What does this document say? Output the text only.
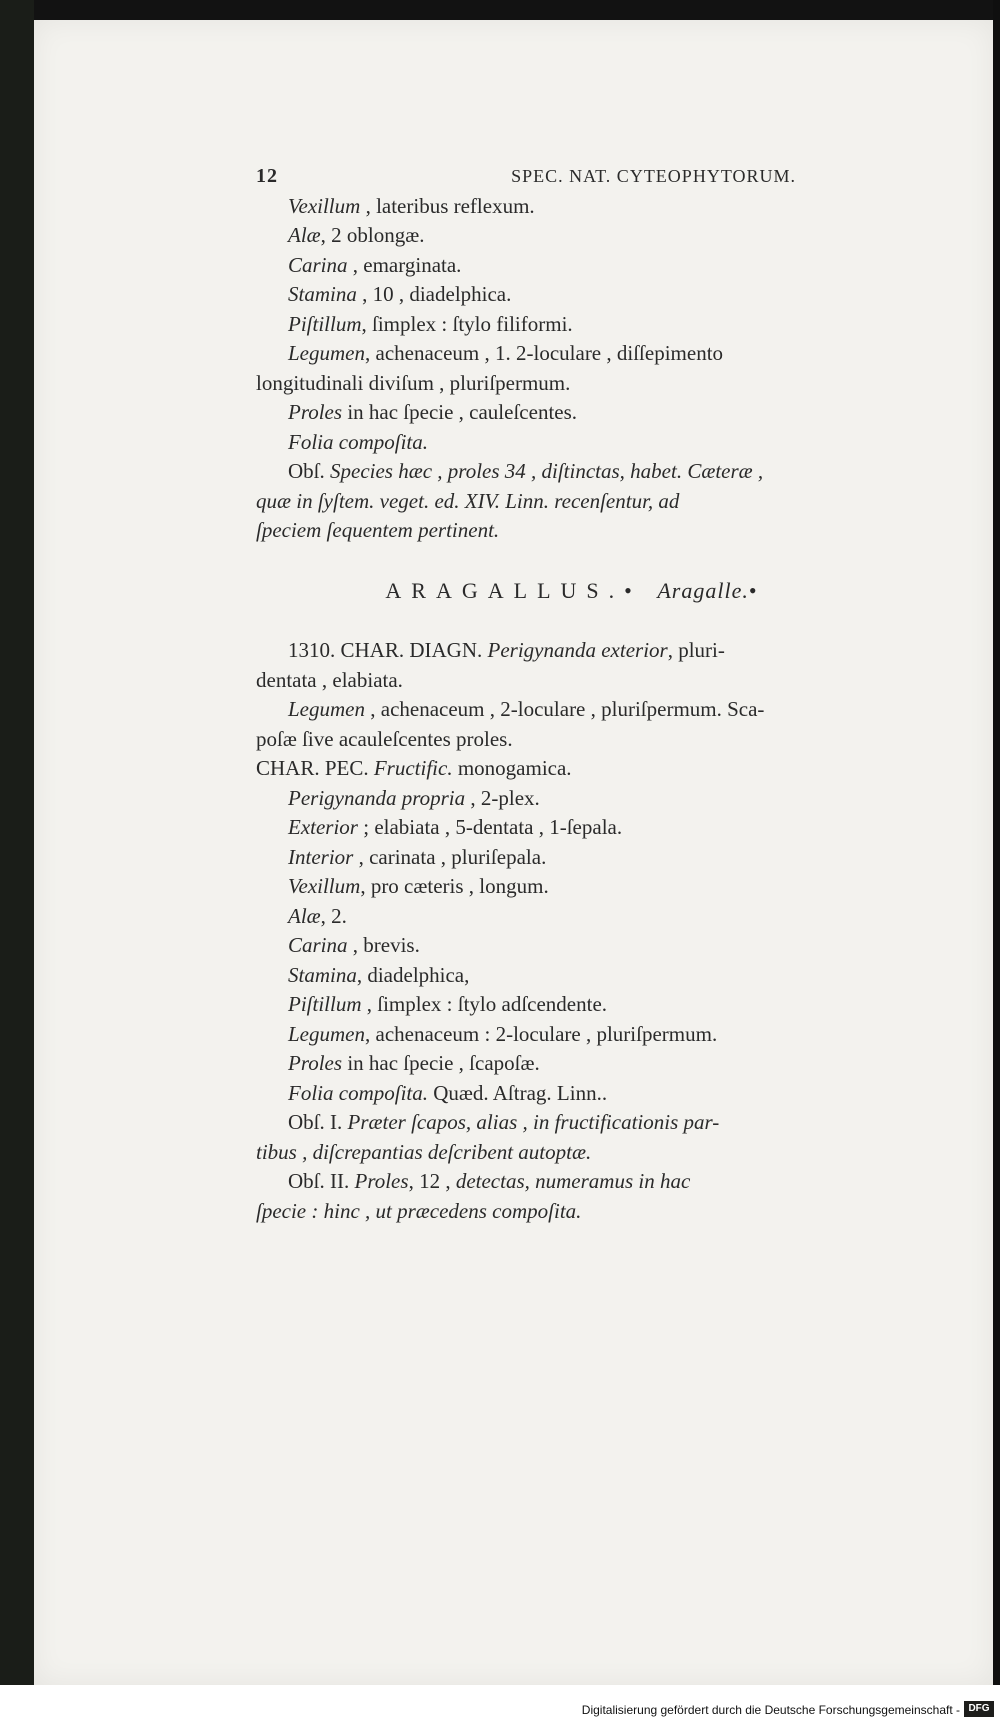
12	SPEC. NAT. CYTEOPHYTORUM.
Vexillum , lateribus reflexum.
Alæ, 2 oblongæ.
Carina , emarginata.
Stamina , 10 , diadelphica.
Piſtillum, ſimplex : ſtylo filiformi.
Legumen, achenaceum , 1. 2-loculare , diſſepimento
longitudinali diviſum , pluriſpermum.
Proles in hac ſpecie , cauleſcentes.
Folia compoſita.
Obſ. Species hæc , proles 34 , diſtinctas, habet. Cæteræ ,
quæ in ſyſtem. veget. ed. XIV. Linn. recenſentur, ad
ſpeciem ſequentem pertinent.
ARAGALLUS.• Aragalle.•
1310. CHAR. DIAGN. Perigynanda exterior, pluri-
dentata , elabiata.
Legumen , achenaceum , 2-loculare , pluriſpermum. Sca-
poſæ ſive acauleſcentes proles.
CHAR. PEC. Fructific. monogamica.
Perigynanda propria , 2-plex.
Exterior ; elabiata , 5-dentata , 1-ſepala.
Interior , carinata , pluriſepala.
Vexillum, pro cæteris , longum.
Alæ, 2.
Carina , brevis.
Stamina, diadelphica,
Piſtillum , ſimplex : ſtylo adſcendente.
Legumen, achenaceum : 2-loculare , pluriſpermum.
Proles in hac ſpecie , ſcapoſæ.
Folia compoſita. Quæd. Aſtrag. Linn..
Obſ. I. Præter ſcapos, alias , in fructificationis par-
tibus , diſcrepantias deſcribent autoptæ.
Obſ. II. Proles, 12 , detectas, numeramus in hac
ſpecie : hinc , ut præcedens compoſita.
Digitalisierung gefördert durch die Deutsche Forschungsgemeinschaft - DFG
